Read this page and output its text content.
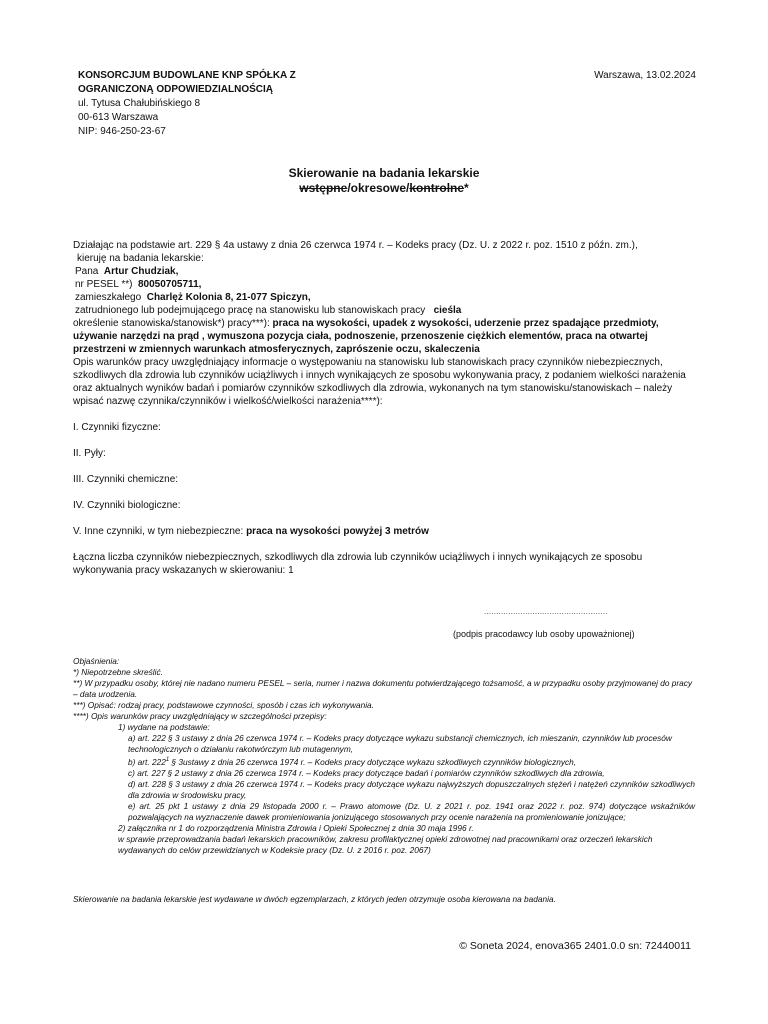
KONSORCJUM BUDOWLANE KNP SPÓŁKA Z
OGRANICZONĄ ODPOWIEDZIALNOŚCIĄ
ul. Tytusa Chałubińskiego 8
00-613 Warszawa
NIP: 946-250-23-67
Warszawa, 13.02.2024
Skierowanie na badania lekarskie
wstępne/okresowe/kontrolne*

Działając na podstawie art. 229 § 4a ustawy z dnia 26 czerwca 1974 r. – Kodeks pracy (Dz. U. z 2022 r. poz. 1510 z późn. zm.),

kieruję na badania lekarskie:

Pana Artur Chudziak,

nr PESEL **) 80050705711,

zamieszkałego Charlęż Kolonia 8, 21-077 Spiczyn,

zatrudnionego lub podejmującego pracę na stanowisku lub stanowiskach pracy cieśla

określenie stanowiska/stanowisk*) pracy***): praca na wysokości, upadek z wysokości, uderzenie przez spadające przedmioty, używanie narzędzi na prąd , wymuszona pozycja ciała, podnoszenie, przenoszenie ciężkich elementów, praca na otwartej przestrzeni w zmiennych warunkach atmosferycznych, zaprószenie oczu, skaleczenia

Opis warunków pracy uwzględniający informacje o występowaniu na stanowisku lub stanowiskach pracy czynników niebezpiecznych, szkodliwych dla zdrowia lub czynników uciążliwych i innych wynikających ze sposobu wykonywania pracy, z podaniem wielkości narażenia oraz aktualnych wyników badań i pomiarów czynników szkodliwych dla zdrowia, wykonanych na tym stanowisku/stanowiskach – należy wpisać nazwę czynnika/czynników i wielkość/wielkości narażenia****):

I. Czynniki fizyczne:

II. Pyły:

III. Czynniki chemiczne:

IV. Czynniki biologiczne:

V. Inne czynniki, w tym niebezpieczne: praca na wysokości powyżej 3 metrów

Łączna liczba czynników niebezpiecznych, szkodliwych dla zdrowia lub czynników uciążliwych i innych wynikających ze sposobu wykonywania pracy wskazanych w skierowaniu: 1

...................................................
(podpis pracodawcy lub osoby upoważnionej)

Objaśnienia:

*) Niepotrzebne skreślić.

**) W przypadku osoby, której nie nadano numeru PESEL – seria, numer i nazwa dokumentu potwierdzającego tożsamość, a w przypadku osoby przyjmowanej do pracy – data urodzenia.

***) Opisać: rodzaj pracy, podstawowe czynności, sposób i czas ich wykonywania.

****) Opis warunków pracy uwzględniający w szczególności przepisy:

1) wydane na podstawie:

a) art. 222 § 3 ustawy z dnia 26 czerwca 1974 r. – Kodeks pracy dotyczące wykazu substancji chemicznych, ich mieszanin, czynników lub procesów technologicznych o działaniu rakotwórczym lub mutagennym,

b) art. $222^1$ § 3ustawy z dnia 26 czerwca 1974 r. – Kodeks pracy dotyczące wykazu szkodliwych czynników biologicznych,

c) art. 227 § 2 ustawy z dnia 26 czerwca 1974 r. – Kodeks pracy dotyczące badań i pomiarów czynników szkodliwych dla zdrowia,

d) art. 228 § 3 ustawy z dnia 26 czerwca 1974 r. – Kodeks pracy dotyczące wykazu najwyższych dopuszczalnych stężeń i natężeń czynników szkodliwych dla zdrowia w środowisku pracy,

e) art. 25 pkt 1 ustawy z dnia 29 listopada 2000 r. – Prawo atomowe (Dz. U. z 2021 r. poz. 1941 oraz 2022 r. poz. 974) dotyczące wskaźników pozwalających na wyznaczenie dawek promieniowania jonizującego stosowanych przy ocenie narażenia na promieniowanie jonizujące;

2) załącznika nr 1 do rozporządzenia Ministra Zdrowia i Opieki Społecznej z dnia 30 maja 1996 r.

w sprawie przeprowadzania badań lekarskich pracowników, zakresu profilaktycznej opieki zdrowotnej nad pracownikami oraz orzeczeń lekarskich wydawanych do celów przewidzianych w Kodeksie pracy (Dz. U. z 2016 r. poz. 2067)

Skierowanie na badania lekarskie jest wydawane w dwóch egzemplarzach, z których jeden otrzymuje osoba kierowana na badania.
© Soneta 2024, enova365 2401.0.0 sn: 72440011
